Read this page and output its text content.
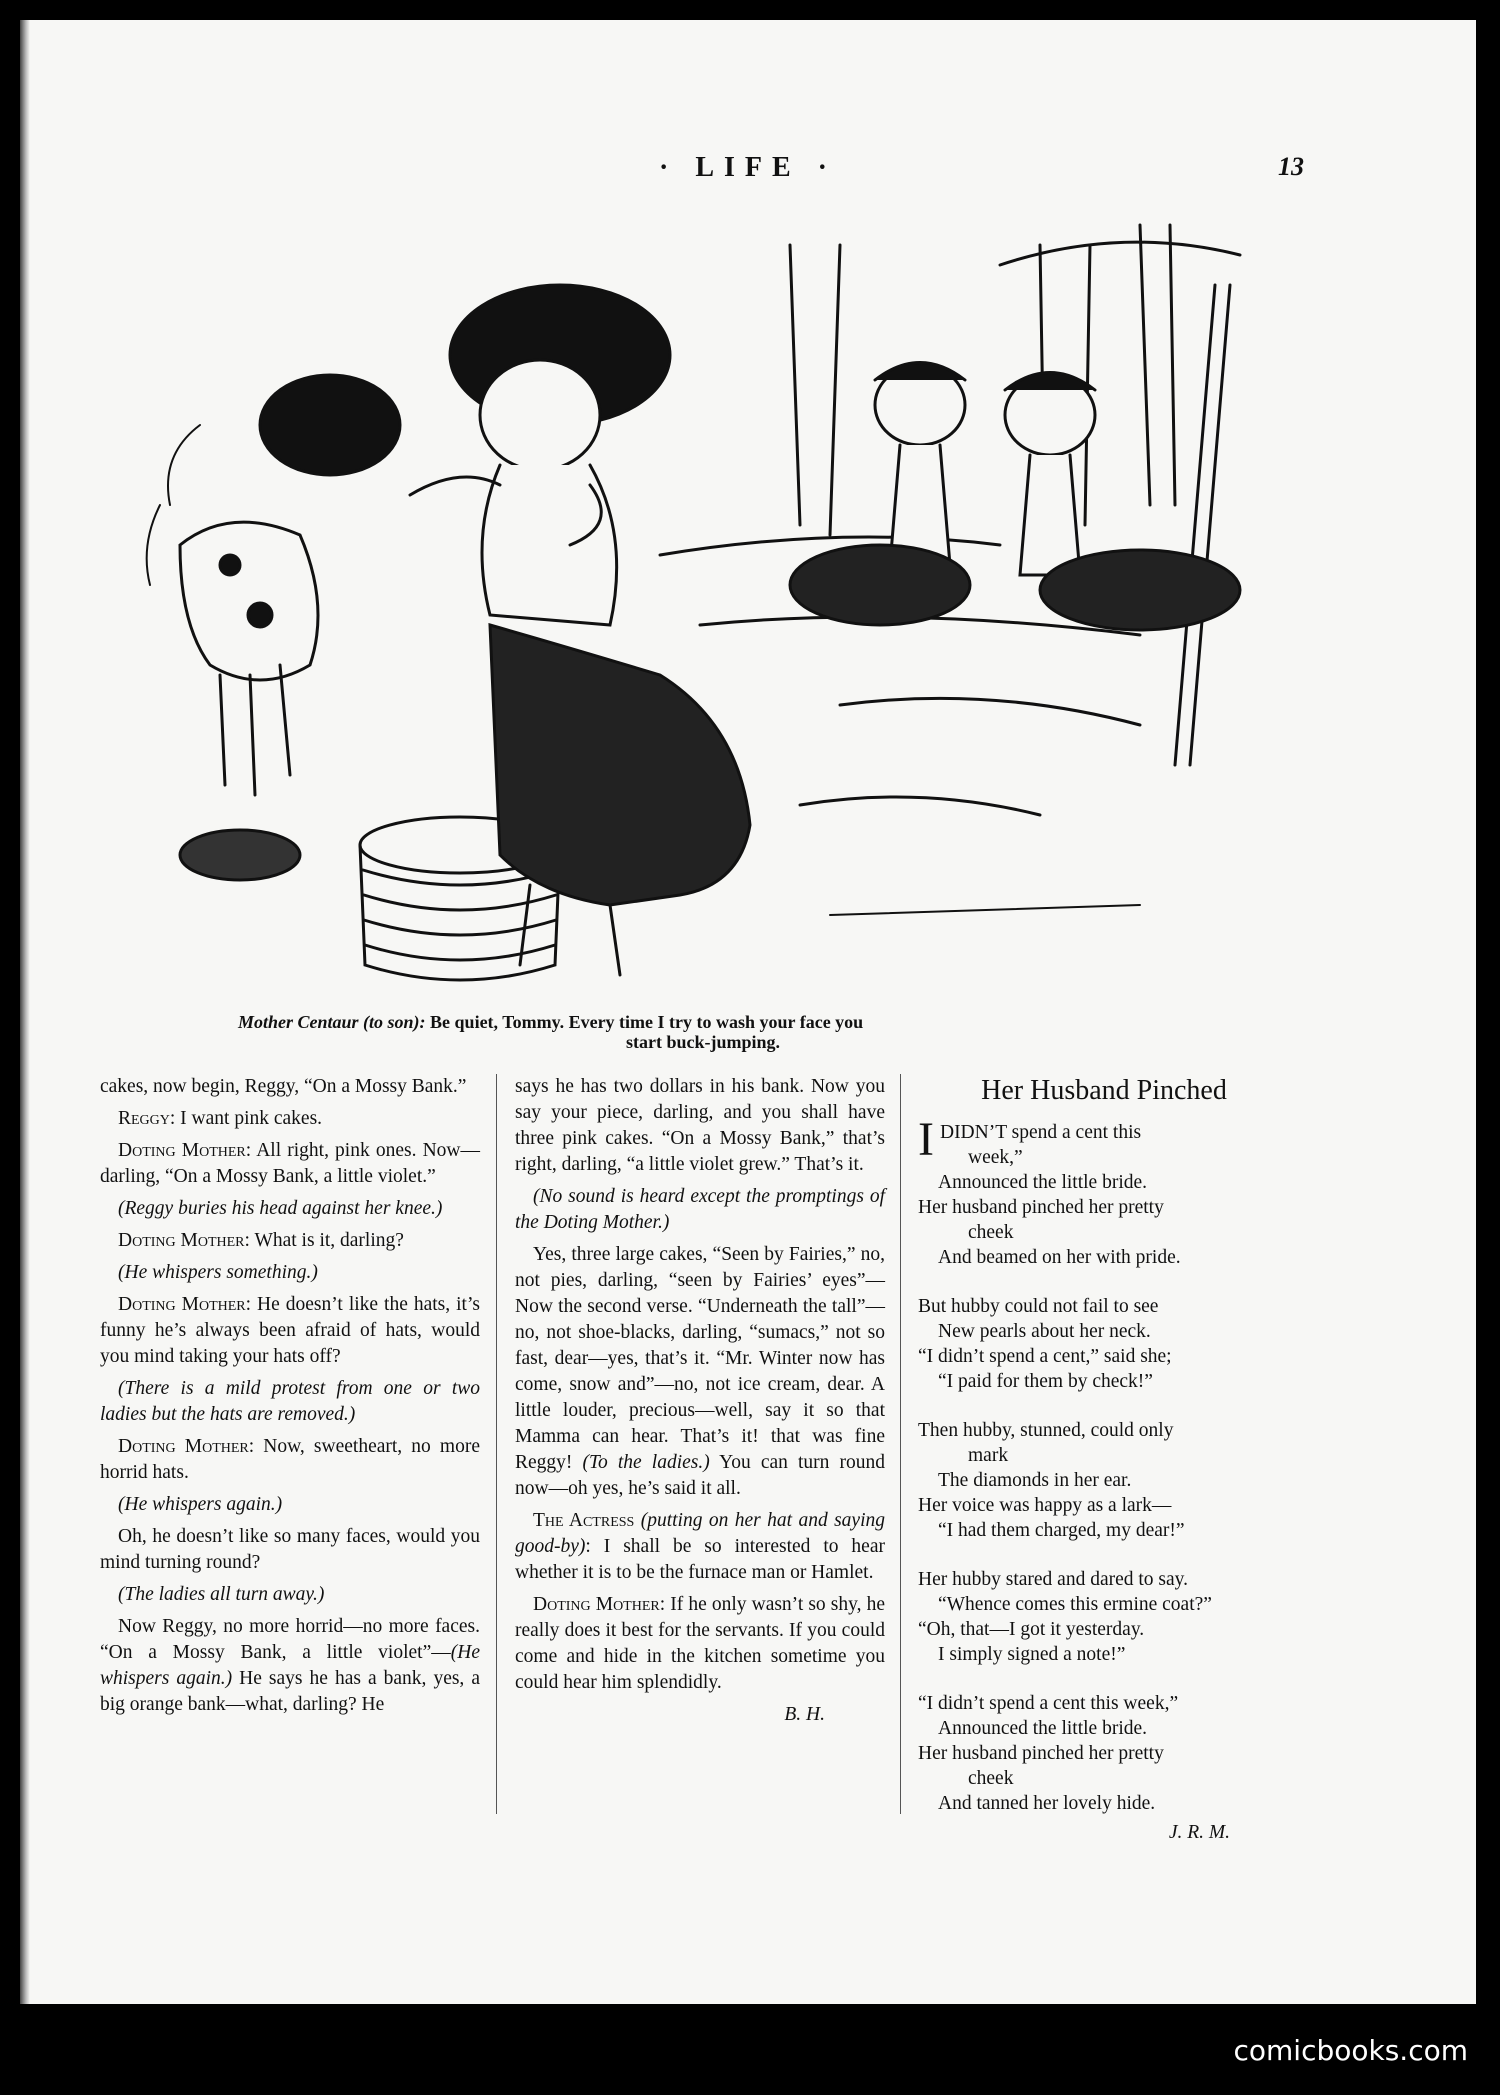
· LIFE ·	13
Mother Centaur (to son): Be quiet, Tommy. Every time I try to wash your face you
start buck-jumping.

cakes, now begin, Reggy, “On a Mossy Bank.”

Reggy: I want pink cakes.

Doting Mother: All right, pink ones. Now—darling, “On a Mossy Bank, a little violet.”

(Reggy buries his head against her knee.)

Doting Mother: What is it, darling?

(He whispers something.)

Doting Mother: He doesn’t like the hats, it’s funny he’s always been afraid of hats, would you mind taking your hats off?

(There is a mild protest from one or two ladies but the hats are removed.)

Doting Mother: Now, sweetheart, no more horrid hats.

(He whispers again.)

Oh, he doesn’t like so many faces, would you mind turning round?

(The ladies all turn away.)

Now Reggy, no more horrid—no more faces. “On a Mossy Bank, a little violet”—(He whispers again.) He says he has a bank, yes, a big orange bank—what, darling? He

says he has two dollars in his bank. Now you say your piece, darling, and you shall have three pink cakes. “On a Mossy Bank,” that’s right, darling, “a little violet grew.” That’s it.

(No sound is heard except the promptings of the Doting Mother.)

Yes, three large cakes, “Seen by Fairies,” no, not pies, darling, “seen by Fairies’ eyes”—Now the second verse. “Underneath the tall”—no, not shoe-blacks, darling, “sumacs,” not so fast, dear—yes, that’s it. “Mr. Winter now has come, snow and”—no, not ice cream, dear. A little louder, precious—well, say it so that Mamma can hear. That’s it! that was fine Reggy! (To the ladies.) You can turn round now—oh yes, he’s said it all.

The Actress (putting on her hat and saying good-by): I shall be so interested to hear whether it is to be the furnace man or Hamlet.

Doting Mother: If he only wasn’t so shy, he really does it best for the servants. If you could come and hide in the kitchen sometime you could hear him splendidly.

B. H.
Her Husband Pinched
IDIDN’T spend a cent this
week,”
Announced the little bride.
Her husband pinched her pretty
cheek
And beamed on her with pride.
But hubby could not fail to see
New pearls about her neck.
“I didn’t spend a cent,” said she;
“I paid for them by check!”
Then hubby, stunned, could only
mark
The diamonds in her ear.
Her voice was happy as a lark—
“I had them charged, my dear!”
Her hubby stared and dared to say.
“Whence comes this ermine coat?”
“Oh, that—I got it yesterday.
I simply signed a note!”
“I didn’t spend a cent this week,”
Announced the little bride.
Her husband pinched her pretty
cheek
And tanned her lovely hide.
J. R. M.
comicbooks.com
